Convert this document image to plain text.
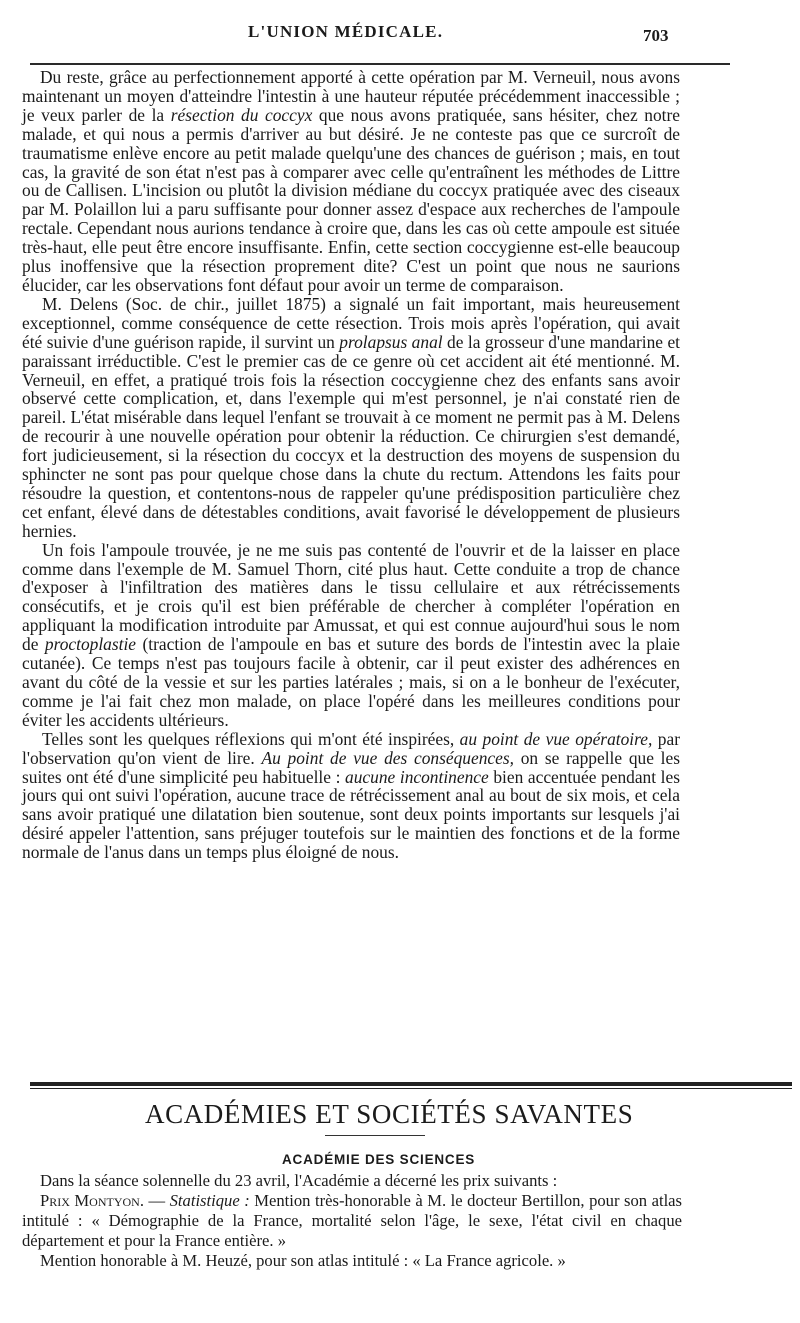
L'UNION MÉDICALE.	703

Du reste, grâce au perfectionnement apporté à cette opération par M. Verneuil, nous avons maintenant un moyen d'atteindre l'intestin à une hauteur réputée précédemment inaccessible ; je veux parler de la résection du coccyx que nous avons pratiquée, sans hésiter, chez notre malade, et qui nous a permis d'arriver au but désiré. Je ne conteste pas que ce surcroît de traumatisme enlève encore au petit malade quelqu'une des chances de guérison ; mais, en tout cas, la gravité de son état n'est pas à comparer avec celle qu'entraînent les méthodes de Littre ou de Callisen. L'incision ou plutôt la division médiane du coccyx pratiquée avec des ciseaux par M. Polaillon lui a paru suffisante pour donner assez d'espace aux recherches de l'ampoule rectale. Cependant nous aurions tendance à croire que, dans les cas où cette ampoule est située très-haut, elle peut être encore insuffisante. Enfin, cette section coccygienne est-elle beaucoup plus inoffensive que la résection proprement dite? C'est un point que nous ne saurions élucider, car les observations font défaut pour avoir un terme de comparaison.

M. Delens (Soc. de chir., juillet 1875) a signalé un fait important, mais heureusement exceptionnel, comme conséquence de cette résection. Trois mois après l'opération, qui avait été suivie d'une guérison rapide, il survint un prolapsus anal de la grosseur d'une mandarine et paraissant irréductible. C'est le premier cas de ce genre où cet accident ait été mentionné. M. Verneuil, en effet, a pratiqué trois fois la résection coccygienne chez des enfants sans avoir observé cette complication, et, dans l'exemple qui m'est personnel, je n'ai constaté rien de pareil. L'état misérable dans lequel l'enfant se trouvait à ce moment ne permit pas à M. Delens de recourir à une nouvelle opération pour obtenir la réduction. Ce chirurgien s'est demandé, fort judicieusement, si la résection du coccyx et la destruction des moyens de suspension du sphincter ne sont pas pour quelque chose dans la chute du rectum. Attendons les faits pour résoudre la question, et contentons-nous de rappeler qu'une prédisposition particulière chez cet enfant, élevé dans de détestables conditions, avait favorisé le développement de plusieurs hernies.

Un fois l'ampoule trouvée, je ne me suis pas contenté de l'ouvrir et de la laisser en place comme dans l'exemple de M. Samuel Thorn, cité plus haut. Cette conduite a trop de chance d'exposer à l'infiltration des matières dans le tissu cellulaire et aux rétrécissements consécutifs, et je crois qu'il est bien préférable de chercher à compléter l'opération en appliquant la modification introduite par Amussat, et qui est connue aujourd'hui sous le nom de proctoplastie (traction de l'ampoule en bas et suture des bords de l'intestin avec la plaie cutanée). Ce temps n'est pas toujours facile à obtenir, car il peut exister des adhérences en avant du côté de la vessie et sur les parties latérales ; mais, si on a le bonheur de l'exécuter, comme je l'ai fait chez mon malade, on place l'opéré dans les meilleures conditions pour éviter les accidents ultérieurs.

Telles sont les quelques réflexions qui m'ont été inspirées, au point de vue opératoire, par l'observation qu'on vient de lire. Au point de vue des conséquences, on se rappelle que les suites ont été d'une simplicité peu habituelle : aucune incontinence bien accentuée pendant les jours qui ont suivi l'opération, aucune trace de rétrécissement anal au bout de six mois, et cela sans avoir pratiqué une dilatation bien soutenue, sont deux points importants sur lesquels j'ai désiré appeler l'attention, sans préjuger toutefois sur le maintien des fonctions et de la forme normale de l'anus dans un temps plus éloigné de nous.

ACADÉMIES ET SOCIÉTÉS SAVANTES
ACADÉMIE DES SCIENCES

Dans la séance solennelle du 23 avril, l'Académie a décerné les prix suivants :

Prix Montyon. — Statistique : Mention très-honorable à M. le docteur Bertillon, pour son atlas intitulé : « Démographie de la France, mortalité selon l'âge, le sexe, l'état civil en chaque département et pour la France entière. »

Mention honorable à M. Heuzé, pour son atlas intitulé : « La France agricole. »
